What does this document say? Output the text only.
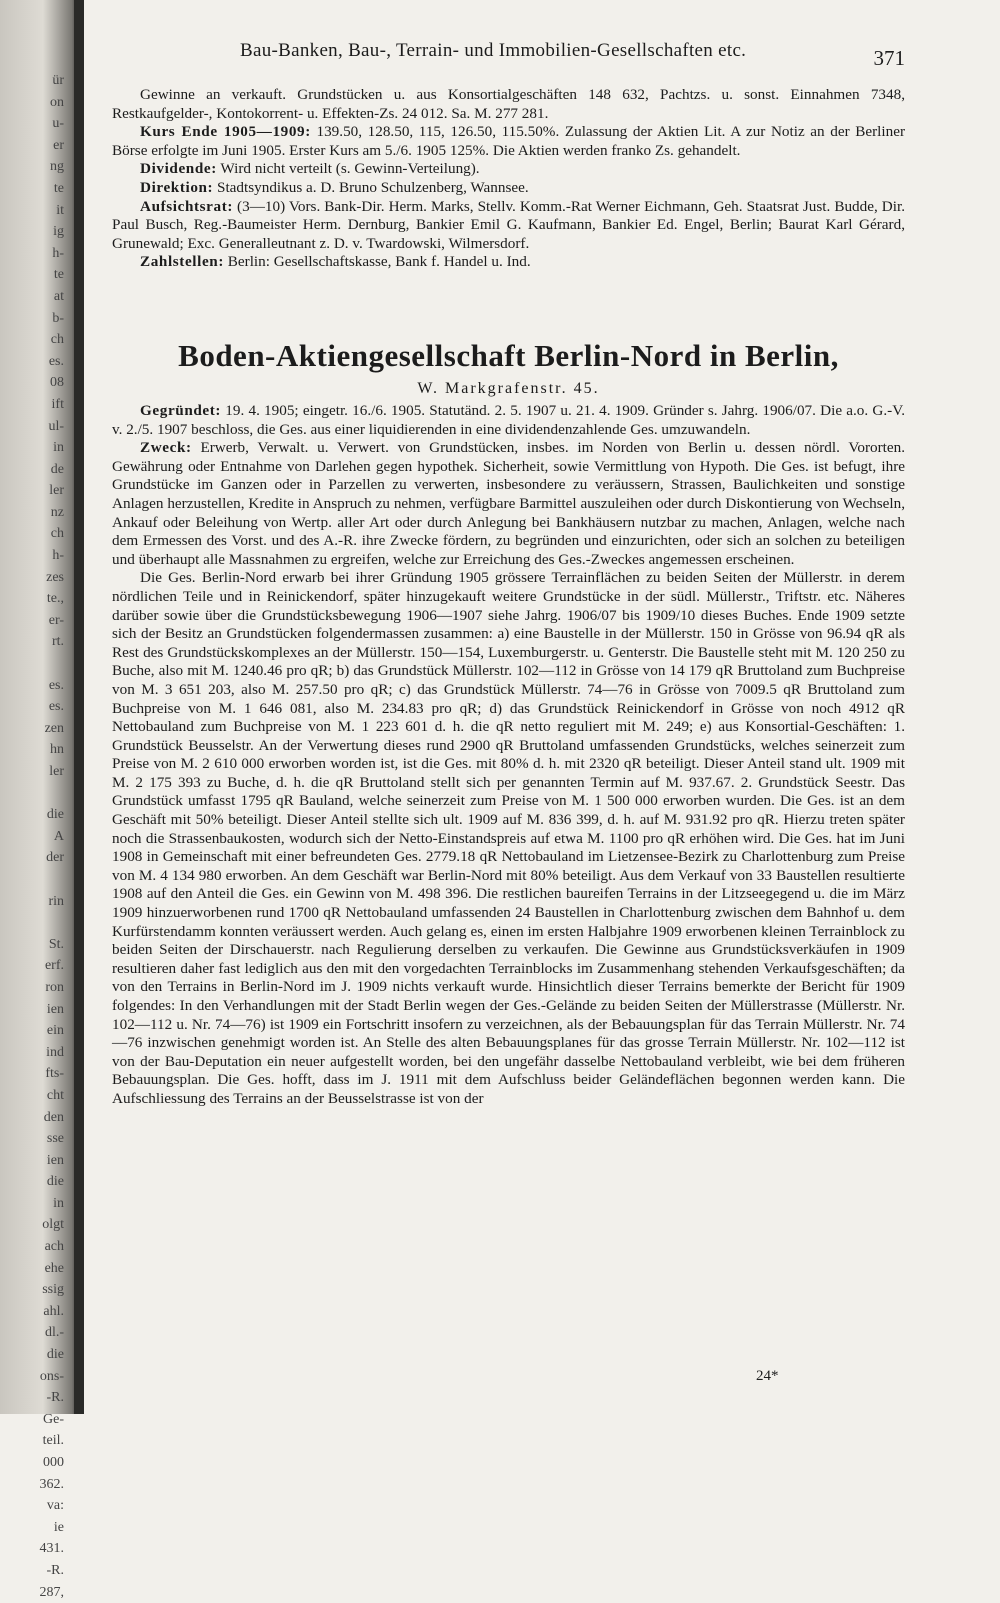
ür
on
u-
er
ng
te
it
ig
h-
te
at
b-
ch
es.
08
ift
ul-
in
de
ler
nz
ch
h-
zes
te.,
er-
rt.

es.
es.
zen
hn
ler

die
A
der

rin

St.
erf.
ron
ien
ein
ind
fts-
cht
den
sse
ien
die
in
olgt
ach
ehe
ssig
ahl.
dl.-
die
ons-
-R.
Ge-
teil.
000
362.
va:
ie
431.
-R.
287,
Bau-Banken, Bau-, Terrain- und Immobilien-Gesellschaften etc.	371

Gewinne an verkauft. Grundstücken u. aus Konsortialgeschäften 148 632, Pachtzs. u. sonst. Einnahmen 7348, Restkaufgelder-, Kontokorrent- u. Effekten-Zs. 24 012. Sa. M. 277 281.

Kurs Ende 1905—1909: 139.50, 128.50, 115, 126.50, 115.50%. Zulassung der Aktien Lit. A zur Notiz an der Berliner Börse erfolgte im Juni 1905. Erster Kurs am 5./6. 1905 125%. Die Aktien werden franko Zs. gehandelt.

Dividende: Wird nicht verteilt (s. Gewinn-Verteilung).

Direktion: Stadtsyndikus a. D. Bruno Schulzenberg, Wannsee.

Aufsichtsrat: (3—10) Vors. Bank-Dir. Herm. Marks, Stellv. Komm.-Rat Werner Eichmann, Geh. Staatsrat Just. Budde, Dir. Paul Busch, Reg.-Baumeister Herm. Dernburg, Bankier Emil G. Kaufmann, Bankier Ed. Engel, Berlin; Baurat Karl Gérard, Grunewald; Exc. Generalleutnant z. D. v. Twardowski, Wilmersdorf.

Zahlstellen: Berlin: Gesellschaftskasse, Bank f. Handel u. Ind.

Boden-Aktiengesellschaft Berlin-Nord in Berlin,
W. Markgrafenstr. 45.

Gegründet: 19. 4. 1905; eingetr. 16./6. 1905. Statutänd. 2. 5. 1907 u. 21. 4. 1909. Gründer s. Jahrg. 1906/07. Die a.o. G.-V. v. 2./5. 1907 beschloss, die Ges. aus einer liquidierenden in eine dividendenzahlende Ges. umzuwandeln.

Zweck: Erwerb, Verwalt. u. Verwert. von Grundstücken, insbes. im Norden von Berlin u. dessen nördl. Vororten. Gewährung oder Entnahme von Darlehen gegen hypothek. Sicherheit, sowie Vermittlung von Hypoth. Die Ges. ist befugt, ihre Grundstücke im Ganzen oder in Parzellen zu verwerten, insbesondere zu veräussern, Strassen, Baulichkeiten und sonstige Anlagen herzustellen, Kredite in Anspruch zu nehmen, verfügbare Barmittel auszuleihen oder durch Diskontierung von Wechseln, Ankauf oder Beleihung von Wertp. aller Art oder durch Anlegung bei Bankhäusern nutzbar zu machen, Anlagen, welche nach dem Ermessen des Vorst. und des A.-R. ihre Zwecke fördern, zu begründen und einzurichten, oder sich an solchen zu beteiligen und überhaupt alle Massnahmen zu ergreifen, welche zur Erreichung des Ges.-Zweckes angemessen erscheinen.

Die Ges. Berlin-Nord erwarb bei ihrer Gründung 1905 grössere Terrainflächen zu beiden Seiten der Müllerstr. in derem nördlichen Teile und in Reinickendorf, später hinzugekauft weitere Grundstücke in der südl. Müllerstr., Triftstr. etc. Näheres darüber sowie über die Grundstücksbewegung 1906—1907 siehe Jahrg. 1906/07 bis 1909/10 dieses Buches. Ende 1909 setzte sich der Besitz an Grundstücken folgendermassen zusammen: a) eine Baustelle in der Müllerstr. 150 in Grösse von 96.94 qR als Rest des Grundstückskomplexes an der Müllerstr. 150—154, Luxemburgerstr. u. Genterstr. Die Baustelle steht mit M. 120 250 zu Buche, also mit M. 1240.46 pro qR; b) das Grundstück Müllerstr. 102—112 in Grösse von 14 179 qR Bruttoland zum Buchpreise von M. 3 651 203, also M. 257.50 pro qR; c) das Grundstück Müllerstr. 74—76 in Grösse von 7009.5 qR Bruttoland zum Buchpreise von M. 1 646 081, also M. 234.83 pro qR; d) das Grundstück Reinickendorf in Grösse von noch 4912 qR Nettobauland zum Buchpreise von M. 1 223 601 d. h. die qR netto reguliert mit M. 249; e) aus Konsortial-Geschäften: 1. Grundstück Beusselstr. An der Verwertung dieses rund 2900 qR Bruttoland umfassenden Grundstücks, welches seinerzeit zum Preise von M. 2 610 000 erworben worden ist, ist die Ges. mit 80% d. h. mit 2320 qR beteiligt. Dieser Anteil stand ult. 1909 mit M. 2 175 393 zu Buche, d. h. die qR Bruttoland stellt sich per genannten Termin auf M. 937.67. 2. Grundstück Seestr. Das Grundstück umfasst 1795 qR Bauland, welche seinerzeit zum Preise von M. 1 500 000 erworben wurden. Die Ges. ist an dem Geschäft mit 50% beteiligt. Dieser Anteil stellte sich ult. 1909 auf M. 836 399, d. h. auf M. 931.92 pro qR. Hierzu treten später noch die Strassenbaukosten, wodurch sich der Netto-Einstandspreis auf etwa M. 1100 pro qR erhöhen wird. Die Ges. hat im Juni 1908 in Gemeinschaft mit einer befreundeten Ges. 2779.18 qR Nettobauland im Lietzensee-Bezirk zu Charlottenburg zum Preise von M. 4 134 980 erworben. An dem Geschäft war Berlin-Nord mit 80% beteiligt. Aus dem Verkauf von 33 Baustellen resultierte 1908 auf den Anteil die Ges. ein Gewinn von M. 498 396. Die restlichen baureifen Terrains in der Litzseegegend u. die im März 1909 hinzuerworbenen rund 1700 qR Nettobauland umfassenden 24 Baustellen in Charlottenburg zwischen dem Bahnhof u. dem Kurfürstendamm konnten veräussert werden. Auch gelang es, einen im ersten Halbjahre 1909 erworbenen kleinen Terrainblock zu beiden Seiten der Dirschauerstr. nach Regulierung derselben zu verkaufen. Die Gewinne aus Grundstücksverkäufen in 1909 resultieren daher fast lediglich aus den mit den vorgedachten Terrainblocks im Zusammenhang stehenden Verkaufsgeschäften; da von den Terrains in Berlin-Nord im J. 1909 nichts verkauft wurde. Hinsichtlich dieser Terrains bemerkte der Bericht für 1909 folgendes: In den Verhandlungen mit der Stadt Berlin wegen der Ges.-Gelände zu beiden Seiten der Müllerstrasse (Müllerstr. Nr. 102—112 u. Nr. 74—76) ist 1909 ein Fortschritt insofern zu verzeichnen, als der Bebauungsplan für das Terrain Müllerstr. Nr. 74—76 inzwischen genehmigt worden ist. An Stelle des alten Bebauungsplanes für das grosse Terrain Müllerstr. Nr. 102—112 ist von der Bau-Deputation ein neuer aufgestellt worden, bei den ungefähr dasselbe Nettobauland verbleibt, wie bei dem früheren Bebauungsplan. Die Ges. hofft, dass im J. 1911 mit dem Aufschluss beider Geländeflächen begonnen werden kann. Die Aufschliessung des Terrains an der Beusselstrasse ist von der

24*
